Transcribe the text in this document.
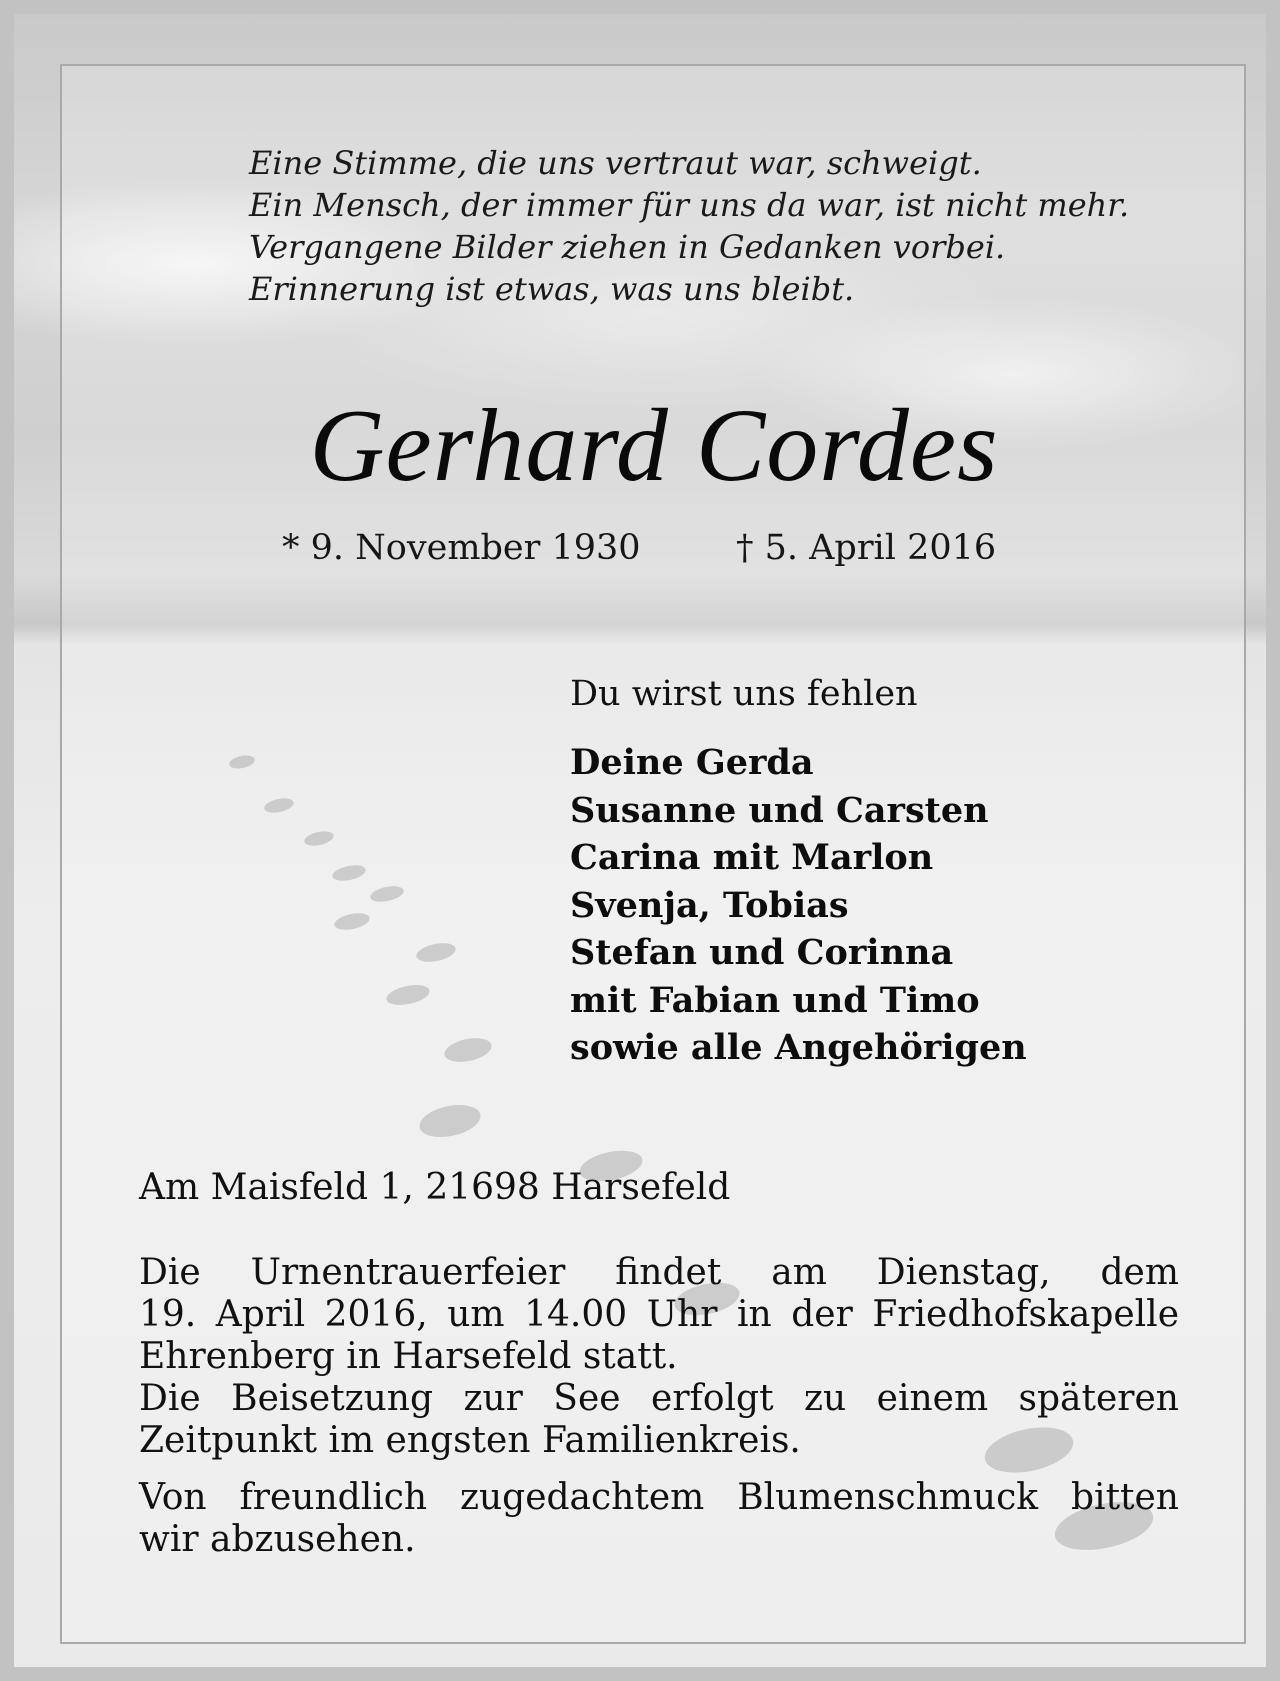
Eine Stimme, die uns vertraut war, schweigt.
Ein Mensch, der immer für uns da war, ist nicht mehr.
Vergangene Bilder ziehen in Gedanken vorbei.
Erinnerung ist etwas, was uns bleibt.
Gerhard Cordes
* 9. November 1930	† 5. April 2016
Du wirst uns fehlen
Deine Gerda
Susanne und Carsten
Carina mit Marlon
Svenja, Tobias
Stefan und Corinna
mit Fabian und Timo
sowie alle Angehörigen
Am Maisfeld 1, 21698 Harsefeld
Die Urnentrauerfeier findet am Dienstag, dem
19. April 2016, um 14.00 Uhr in der Friedhofskapelle
Ehrenberg in Harsefeld statt.
Die Beisetzung zur See erfolgt zu einem späteren
Zeitpunkt im engsten Familienkreis.
Von freundlich zugedachtem Blumenschmuck bitten
wir abzusehen.
